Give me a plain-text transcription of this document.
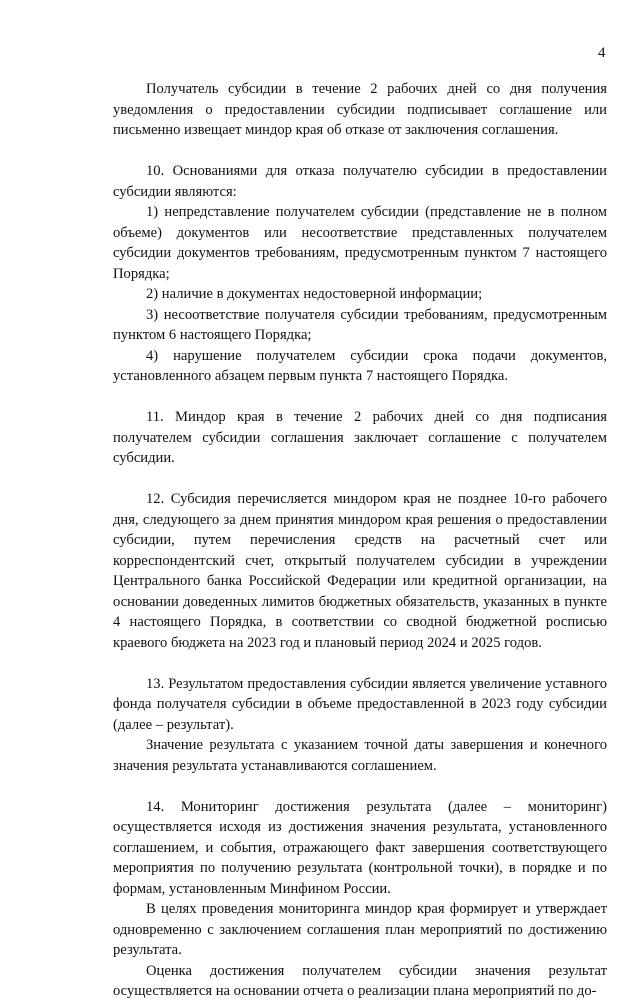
4

Получатель субсидии в течение 2 рабочих дней со дня получения уведомления о предоставлении субсидии подписывает соглашение или письменно извещает миндор края об отказе от заключения соглашения.

10. Основаниями для отказа получателю субсидии в предоставлении субсидии являются:

1) непредставление получателем субсидии (представление не в полном объеме) документов или несоответствие представленных получателем субсидии документов требованиям, предусмотренным пунктом 7 настоящего Порядка;

2) наличие в документах недостоверной информации;

3) несоответствие получателя субсидии требованиям, предусмотренным пунктом 6 настоящего Порядка;

4) нарушение получателем субсидии срока подачи документов, установленного абзацем первым пункта 7 настоящего Порядка.

11. Миндор края в течение 2 рабочих дней со дня подписания получателем субсидии соглашения заключает соглашение с получателем субсидии.

12. Субсидия перечисляется миндором края не позднее 10-го рабочего дня, следующего за днем принятия миндором края решения о предоставлении субсидии, путем перечисления средств на расчетный счет или корреспондентский счет, открытый получателем субсидии в учреждении Центрального банка Российской Федерации или кредитной организации, на основании доведенных лимитов бюджетных обязательств, указанных в пункте 4 настоящего Порядка, в соответствии со сводной бюджетной росписью краевого бюджета на 2023 год и плановый период 2024 и 2025 годов.

13. Результатом предоставления субсидии является увеличение уставного фонда получателя субсидии в объеме предоставленной в 2023 году субсидии (далее – результат).

Значение результата с указанием точной даты завершения и конечного значения результата устанавливаются соглашением.

14. Мониторинг достижения результата (далее – мониторинг) осуществляется исходя из достижения значения результата, установленного соглашением, и события, отражающего факт завершения соответствующего мероприятия по получению результата (контрольной точки), в порядке и по формам, установленным Минфином России.

В целях проведения мониторинга миндор края формирует и утверждает одновременно с заключением соглашения план мероприятий по достижению результата.

Оценка достижения получателем субсидии значения результат осуществляется на основании отчета о реализации плана мероприятий по до-
